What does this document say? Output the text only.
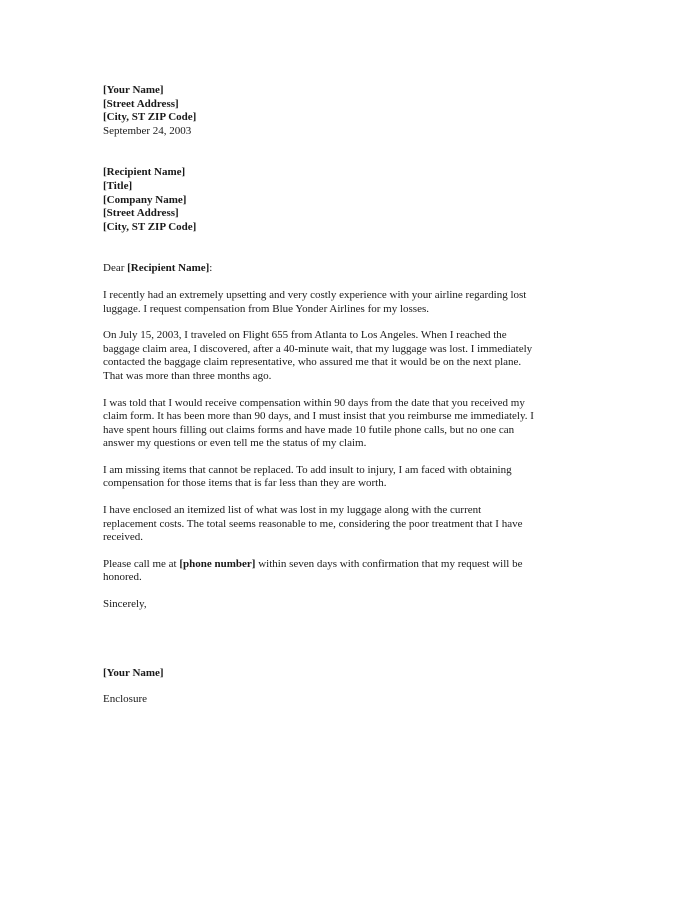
[Your Name]
[Street Address]
[City, ST ZIP Code]
September 24, 2003
[Recipient Name]
[Title]
[Company Name]
[Street Address]
[City, ST ZIP Code]
Dear [Recipient Name]:
I recently had an extremely upsetting and very costly experience with your airline regarding lost
luggage. I request compensation from Blue Yonder Airlines for my losses.
On July 15, 2003, I traveled on Flight 655 from Atlanta to Los Angeles. When I reached the
baggage claim area, I discovered, after a 40-minute wait, that my luggage was lost. I immediately
contacted the baggage claim representative, who assured me that it would be on the next plane.
That was more than three months ago.
I was told that I would receive compensation within 90 days from the date that you received my
claim form. It has been more than 90 days, and I must insist that you reimburse me immediately. I
have spent hours filling out claims forms and have made 10 futile phone calls, but no one can
answer my questions or even tell me the status of my claim.
I am missing items that cannot be replaced. To add insult to injury, I am faced with obtaining
compensation for those items that is far less than they are worth.
I have enclosed an itemized list of what was lost in my luggage along with the current
replacement costs. The total seems reasonable to me, considering the poor treatment that I have
received.
Please call me at [phone number] within seven days with confirmation that my request will be
honored.
Sincerely,
[Your Name]
Enclosure
